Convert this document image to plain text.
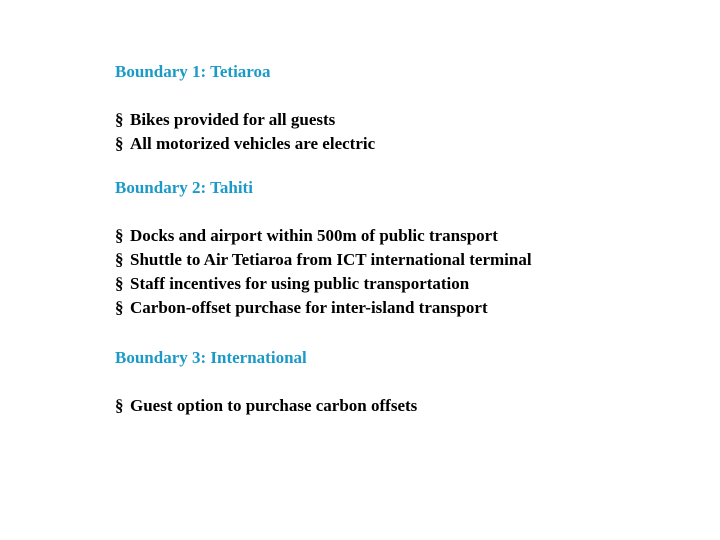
Boundary 1: Tetiaroa
§ Bikes provided for all guests
§ All motorized vehicles are electric
Boundary 2: Tahiti
§ Docks and airport within 500m of public transport
§ Shuttle to Air Tetiaroa from ICT international terminal
§ Staff incentives for using public transportation
§ Carbon-offset purchase for inter-island transport
Boundary 3: International
§ Guest option to purchase carbon offsets
